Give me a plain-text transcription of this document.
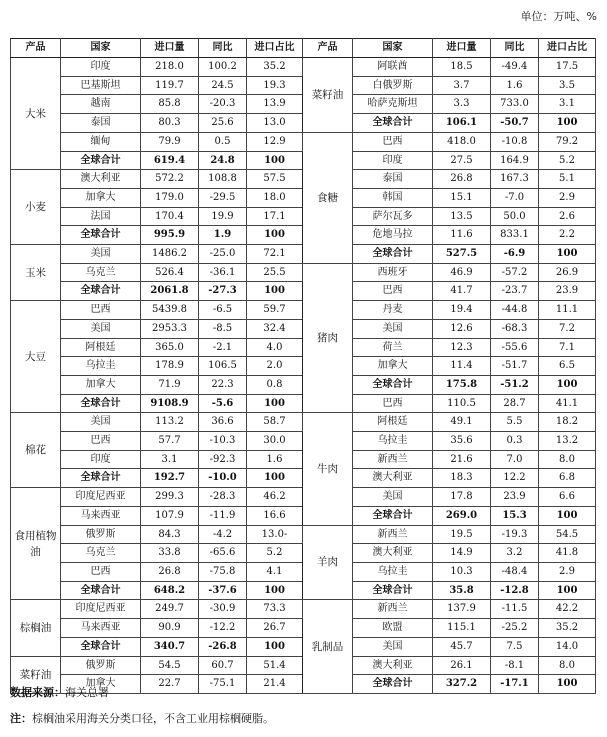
单位：万吨、%
产品	国家	进口量	同比	进口占比	产品	国家	进口量	同比	进口占比
大米	印度	218.0	100.2	35.2	菜籽油	阿联酋	18.5	-49.4	17.5
	巴基斯坦	119.7	24.5	19.3		白俄罗斯	3.7	1.6	3.5
	越南	85.8	-20.3	13.9		哈萨克斯坦	3.3	733.0	3.1
	泰国	80.3	25.6	13.0		全球合计	106.1	-50.7	100
	缅甸	79.9	0.5	12.9	食糖	巴西	418.0	-10.8	79.2
	全球合计	619.4	24.8	100		印度	27.5	164.9	5.2
小麦	澳大利亚	572.2	108.8	57.5		泰国	26.8	167.3	5.1
	加拿大	179.0	-29.5	18.0		韩国	15.1	-7.0	2.9
	法国	170.4	19.9	17.1		萨尔瓦多	13.5	50.0	2.6
	全球合计	995.9	1.9	100		危地马拉	11.6	833.1	2.2
玉米	美国	1486.2	-25.0	72.1		全球合计	527.5	-6.9	100
	乌克兰	526.4	-36.1	25.5	猪肉	西班牙	46.9	-57.2	26.9
	全球合计	2061.8	-27.3	100		巴西	41.7	-23.7	23.9
大豆	巴西	5439.8	-6.5	59.7		丹麦	19.4	-44.8	11.1
	美国	2953.3	-8.5	32.4		美国	12.6	-68.3	7.2
	阿根廷	365.0	-2.1	4.0		荷兰	12.3	-55.6	7.1
	乌拉圭	178.9	106.5	2.0		加拿大	11.4	-51.7	6.5
	加拿大	71.9	22.3	0.8		全球合计	175.8	-51.2	100
	全球合计	9108.9	-5.6	100		巴西	110.5	28.7	41.1
棉花	美国	113.2	36.6	58.7	牛肉	阿根廷	49.1	5.5	18.2
	巴西	57.7	-10.3	30.0		乌拉圭	35.6	0.3	13.2
	印度	3.1	-92.3	1.6		新西兰	21.6	7.0	8.0
	全球合计	192.7	-10.0	100		澳大利亚	18.3	12.2	6.8
食用植物油	印度尼西亚	299.3	-28.3	46.2		美国	17.8	23.9	6.6
	马来西亚	107.9	-11.9	16.6		全球合计	269.0	15.3	100
	俄罗斯	84.3	-4.2	13.0-	羊肉	新西兰	19.5	-19.3	54.5
	乌克兰	33.8	-65.6	5.2		澳大利亚	14.9	3.2	41.8
	巴西	26.8	-75.8	4.1		乌拉圭	10.3	-48.4	2.9
	全球合计	648.2	-37.6	100		全球合计	35.8	-12.8	100
棕榈油	印度尼西亚	249.7	-30.9	73.3	乳制品	新西兰	137.9	-11.5	42.2
	马来西亚	90.9	-12.2	26.7		欧盟	115.1	-25.2	35.2
	全球合计	340.7	-26.8	100		美国	45.7	7.5	14.0
菜籽油	俄罗斯	54.5	60.7	51.4		澳大利亚	26.1	-8.1	8.0
	加拿大	22.7	-75.1	21.4		全球合计	327.2	-17.1	100
数据来源：海关总署
注：棕榈油采用海关分类口径，不含工业用棕榈硬脂。
